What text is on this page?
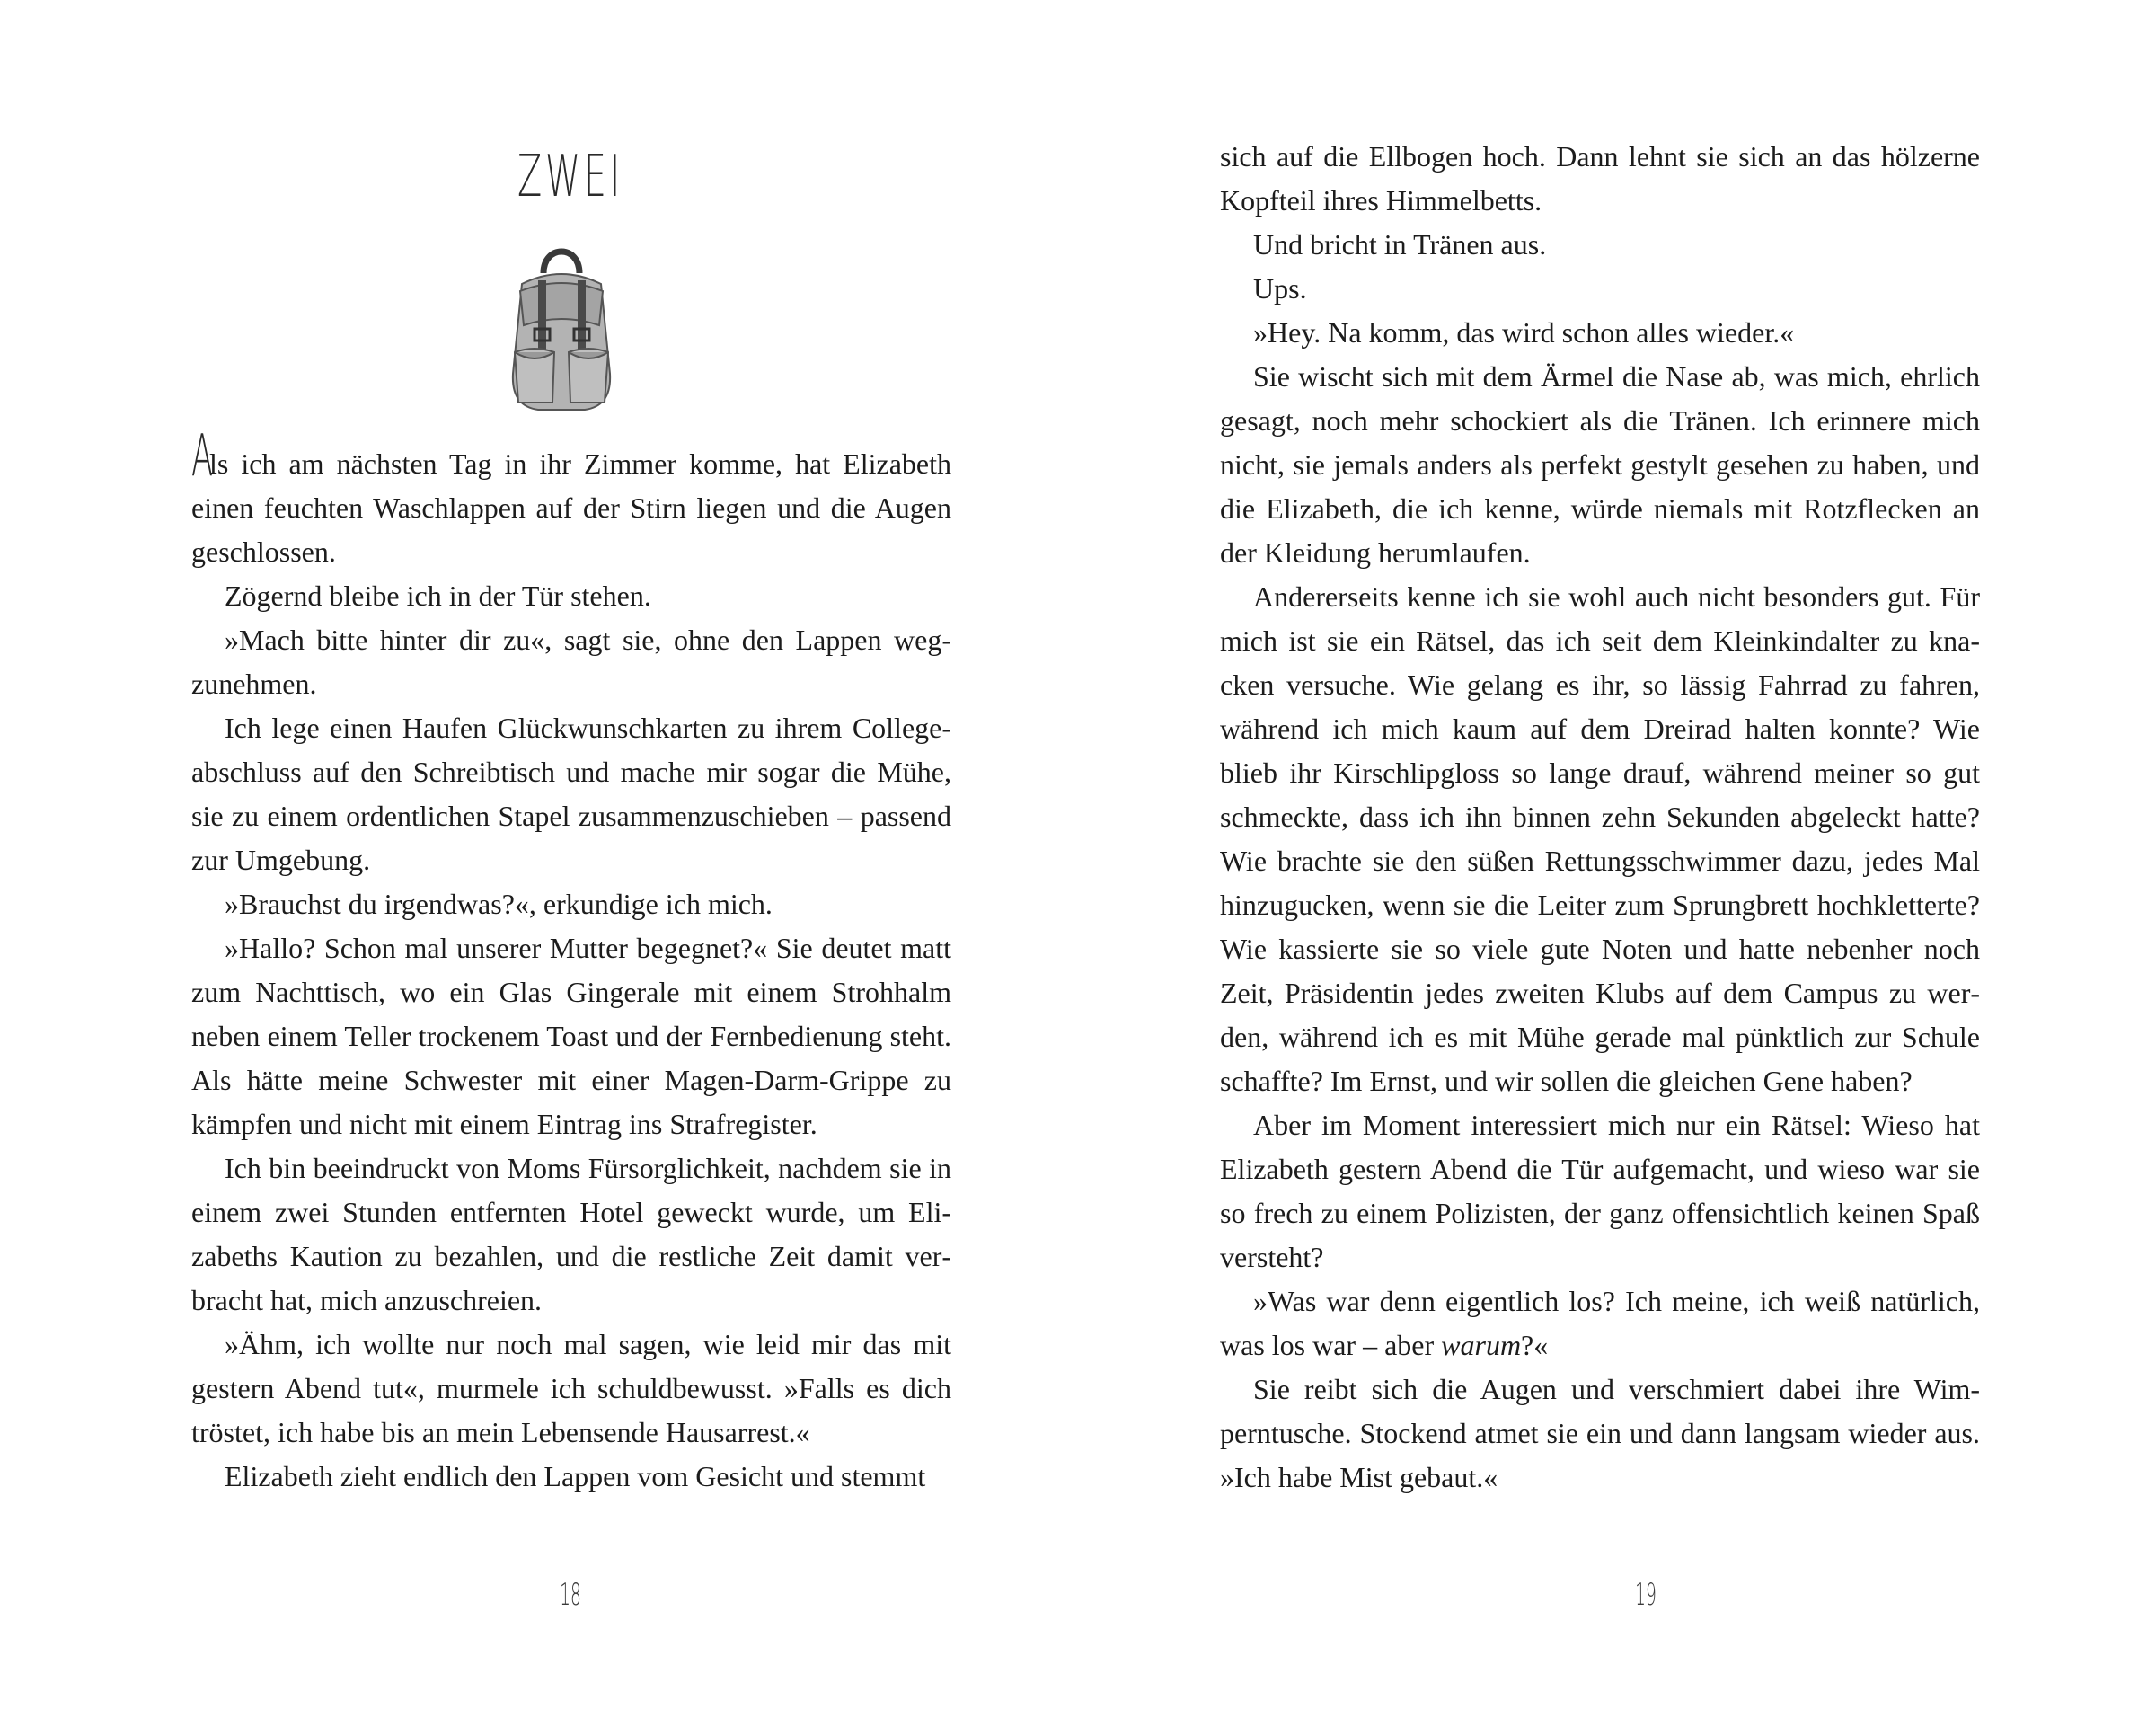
ZWEI

Als ich am nächsten Tag in ihr Zimmer komme, hat Elizabeth einen feuchten Waschlappen auf der Stirn liegen und die Augen geschlossen.

Zögernd bleibe ich in der Tür stehen.

»Mach bitte hinter dir zu«, sagt sie, ohne den Lappen wegzunehmen.

Ich lege einen Haufen Glückwunschkarten zu ihrem Collegeabschluss auf den Schreibtisch und mache mir sogar die Mühe, sie zu einem ordentlichen Stapel zusammenzuschieben – passend zur Umgebung.

»Brauchst du irgendwas?«, erkundige ich mich.

»Hallo? Schon mal unserer Mutter begegnet?« Sie deutet matt zum Nachttisch, wo ein Glas Gingerale mit einem Strohhalm neben einem Teller trockenem Toast und der Fernbedienung steht. Als hätte meine Schwester mit einer Magen-Darm-Grippe zu kämpfen und nicht mit einem Eintrag ins Strafregister.

Ich bin beeindruckt von Moms Fürsorglichkeit, nachdem sie in einem zwei Stunden entfernten Hotel geweckt wurde, um Elizabeths Kaution zu bezahlen, und die restliche Zeit damit verbracht hat, mich anzuschreien.

»Ähm, ich wollte nur noch mal sagen, wie leid mir das mit gestern Abend tut«, murmele ich schuldbewusst. »Falls es dich tröstet, ich habe bis an mein Lebensende Hausarrest.«

Elizabeth zieht endlich den Lappen vom Gesicht und stemmt

18

sich auf die Ellbogen hoch. Dann lehnt sie sich an das hölzerne Kopfteil ihres Himmelbetts.

Und bricht in Tränen aus.

Ups.

»Hey. Na komm, das wird schon alles wieder.«

Sie wischt sich mit dem Ärmel die Nase ab, was mich, ehrlich gesagt, noch mehr schockiert als die Tränen. Ich erinnere mich nicht, sie jemals anders als perfekt gestylt gesehen zu haben, und die Elizabeth, die ich kenne, würde niemals mit Rotzflecken an der Kleidung herumlaufen.

Andererseits kenne ich sie wohl auch nicht besonders gut. Für mich ist sie ein Rätsel, das ich seit dem Kleinkindalter zu knacken versuche. Wie gelang es ihr, so lässig Fahrrad zu fahren, während ich mich kaum auf dem Dreirad halten konnte? Wie blieb ihr Kirschlipgloss so lange drauf, während meiner so gut schmeckte, dass ich ihn binnen zehn Sekunden abgeleckt hatte? Wie brachte sie den süßen Rettungsschwimmer dazu, jedes Mal hinzugucken, wenn sie die Leiter zum Sprungbrett hochkletterte? Wie kassierte sie so viele gute Noten und hatte nebenher noch Zeit, Präsidentin jedes zweiten Klubs auf dem Campus zu werden, während ich es mit Mühe gerade mal pünktlich zur Schule schaffte? Im Ernst, und wir sollen die gleichen Gene haben?

Aber im Moment interessiert mich nur ein Rätsel: Wieso hat Elizabeth gestern Abend die Tür aufgemacht, und wieso war sie so frech zu einem Polizisten, der ganz offensichtlich keinen Spaß versteht?

»Was war denn eigentlich los? Ich meine, ich weiß natürlich, was los war – aber warum?«

Sie reibt sich die Augen und verschmiert dabei ihre Wimperntusche. Stockend atmet sie ein und dann langsam wieder aus. »Ich habe Mist gebaut.«

19
